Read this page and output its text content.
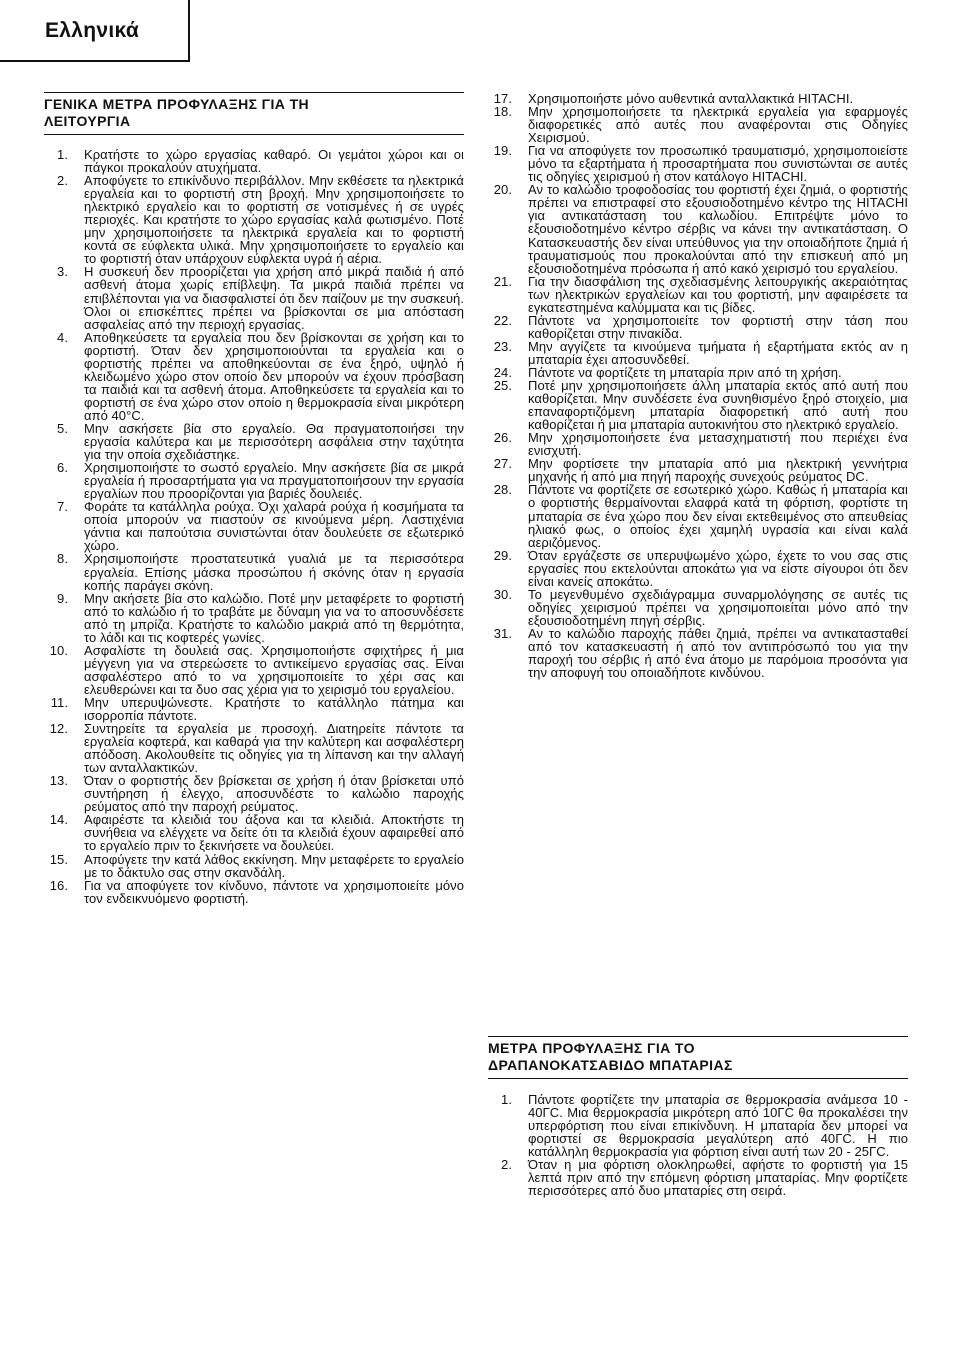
Ελληνικά
ΓΕΝΙΚΑ ΜΕΤΡΑ ΠΡΟΦΥΛΑΞΗΣ ΓΙΑ ΤΗ
ΛΕΙΤΟΥΡΓΙΑ
1. Κρατήστε το χώρο εργασίας καθαρό. Οι γεμάτοι χώροι και οι πάγκοι προκαλούν ατυχήματα.
2. Αποφύγετε το επικίνδυνο περιβάλλον. Μην εκθέσετε τα ηλεκτρικά εργαλεία και το φορτιστή στη βροχή. Μην χρησιμοποιήσετε το ηλεκτρικό εργαλείο και το φορτιστή σε νοτισμένες ή σε υγρές περιοχές. Και κρατήστε το χώρο εργασίας καλά φωτισμένο. Ποτέ μην χρησιμοποιήσετε τα ηλεκτρικά εργαλεία και το φορτιστή κοντά σε εύφλεκτα υλικά. Μην χρησιμοποιήσετε το εργαλείο και το φορτιστή όταν υπάρχουν εύφλεκτα υγρά ή αέρια.
3. Η συσκευή δεν προορίζεται για χρήση από μικρά παιδιά ή από ασθενή άτομα χωρίς επίβλεψη. Τα μικρά παιδιά πρέπει να επιβλέπονται για να διασφαλιστεί ότι δεν παίζουν με την συσκευή. Όλοι οι επισκέπτες πρέπει να βρίσκονται σε μια απόσταση ασφαλείας από την περιοχή εργασίας.
4. Αποθηκεύσετε τα εργαλεία που δεν βρίσκονται σε χρήση και το φορτιστή. Όταν δεν χρησιμοποιούνται τα εργαλεία και ο φορτιστής πρέπει να αποθηκεύονται σε ένα ξηρό, υψηλό ή κλειδωμένο χώρο στον οποίο δεν μπορούν να έχουν πρόσβαση τα παιδιά και τα ασθενή άτομα. Αποθηκεύσετε τα εργαλεία και το φορτιστή σε ένα χώρο στον οποίο η θερμοκρασία είναι μικρότερη από 40°C.
5. Μην ασκήσετε βία στο εργαλείο. Θα πραγματοποιήσει την εργασία καλύτερα και με περισσότερη ασφάλεια στην ταχύτητα για την οποία σχεδιάστηκε.
6. Χρησιμοποιήστε το σωστό εργαλείο. Μην ασκήσετε βία σε μικρά εργαλεία ή προσαρτήματα για να πραγματοποιήσουν την εργασία εργαλίων που προορίζονται για βαριές δουλειές.
7. Φοράτε τα κατάλληλα ρούχα. Όχι χαλαρά ρούχα ή κοσμήματα τα οποία μπορούν να πιαστούν σε κινούμενα μέρη. Λαστιχένια γάντια και παπούτσια συνιστώνται όταν δουλεύετε σε εξωτερικό χώρο.
8. Χρησιμοποιήστε προστατευτικά γυαλιά με τα περισσότερα εργαλεία. Επίσης μάσκα προσώπου ή σκόνης όταν η εργασία κοπής παράγει σκόνη.
9. Μην ακήσετε βία στο καλώδιο. Ποτέ μην μεταφέρετε το φορτιστή από το καλώδιο ή το τραβάτε με δύναμη για να το αποσυνδέσετε από τη μπρίζα. Κρατήστε το καλώδιο μακριά από τη θερμότητα, το λάδι και τις κοφτερές γωνίες.
10. Ασφαλίστε τη δουλειά σας. Χρησιμοποιήστε σφιχτήρες ή μια μέγγενη για να στερεώσετε το αντικείμενο εργασίας σας. Είναι ασφαλέστερο από το να χρησιμοποιείτε το χέρι σας και ελευθερώνει και τα δυο σας χέρια για το χειρισμό του εργαλείου.
11. Μην υπερυψώνεστε. Κρατήστε το κατάλληλο πάτημα και ισορροπία πάντοτε.
12. Συντηρείτε τα εργαλεία με προσοχή. Διατηρείτε πάντοτε τα εργαλεία κοφτερά, και καθαρά για την καλύτερη και ασφαλέστερη απόδοση. Ακολουθείτε τις οδηγίες για τη λίπανση και την αλλαγή των ανταλλακτικών.
13. Όταν ο φορτιστής δεν βρίσκεται σε χρήση ή όταν βρίσκεται υπό συντήρηση ή έλεγχο, αποσυνδέστε το καλώδιο παροχής ρεύματος από την παροχή ρεύματος.
14. Αφαιρέστε τα κλειδιά του άξονα και τα κλειδιά. Αποκτήστε τη συνήθεια να ελέγχετε να δείτε ότι τα κλειδιά έχουν αφαιρεθεί από το εργαλείο πριν το ξεκινήσετε να δουλεύει.
15. Αποφύγετε την κατά λάθος εκκίνηση. Μην μεταφέρετε το εργαλείο με το δάκτυλο σας στην σκανδάλη.
16. Για να αποφύγετε τον κίνδυνο, πάντοτε να χρησιμοποιείτε μόνο τον ενδεικνυόμενο φορτιστή.
17. Χρησιμοποιήστε μόνο αυθεντικά ανταλλακτικά HITACHI.
18. Μην χρησιμοποιήσετε τα ηλεκτρικά εργαλεία για εφαρμογές διαφορετικές από αυτές που αναφέρονται στις Οδηγίες Χειρισμού.
19. Για να αποφύγετε τον προσωπικό τραυματισμό, χρησιμοποιείστε μόνο τα εξαρτήματα ή προσαρτήματα που συνιστώνται σε αυτές τις οδηγίες χειρισμού ή στον κατάλογο HITACHI.
20. Αν το καλώδιο τροφοδοσίας του φορτιστή έχει ζημιά, ο φορτιστής πρέπει να επιστραφεί στο εξουσιοδοτημένο κέντρο της HITACHI για αντικατάσταση του καλωδίου. Επιτρέψτε μόνο το εξουσιοδοτημένο κέντρο σέρβις να κάνει την αντικατάσταση. Ο Κατασκευαστής δεν είναι υπεύθυνος για την οποιαδήποτε ζημιά ή τραυματισμούς που προκαλούνται από την επισκευή από μη εξουσιοδοτημένα πρόσωπα ή από κακό χειρισμό του εργαλείου.
21. Για την διασφάλιση της σχεδιασμένης λειτουργικής ακεραιότητας των ηλεκτρικών εργαλείων και του φορτιστή, μην αφαιρέσετε τα εγκατεστημένα καλύμματα και τις βίδες.
22. Πάντοτε να χρησιμοποιείτε τον φορτιστή στην τάση που καθορίζεται στην πινακίδα.
23. Μην αγγίζετε τα κινούμενα τμήματα ή εξαρτήματα εκτός αν η μπαταρία έχει αποσυνδεθεί.
24. Πάντοτε να φορτίζετε τη μπαταρία πριν από τη χρήση.
25. Ποτέ μην χρησιμοποιήσετε άλλη μπαταρία εκτός από αυτή που καθορίζεται. Μην συνδέσετε ένα συνηθισμένο ξηρό στοιχείο, μια επαναφορτιζόμενη μπαταρία διαφορετική από αυτή που καθορίζεται ή μια μπαταρία αυτοκινήτου στο ηλεκτρικό εργαλείο.
26. Μην χρησιμοποιήσετε ένα μετασχηματιστή που περιέχει ένα ενισχυτή.
27. Μην φορτίσετε την μπαταρία από μια ηλεκτρική γεννήτρια μηχανής ή από μια πηγή παροχής συνεχούς ρεύματος DC.
28. Πάντοτε να φορτίζετε σε εσωτερικό χώρο. Καθώς ή μπαταρία και ο φορτιστής θερμαίνονται ελαφρά κατά τη φόρτιση, φορτίστε τη μπαταρία σε ένα χώρο που δεν είναι εκτεθειμένος στο απευθείας ηλιακό φως, ο οποίος έχει χαμηλή υγρασία και είναι καλά αεριζόμενος.
29. Όταν εργάζεστε σε υπερυψωμένο χώρο, έχετε το νου σας στις εργασίες που εκτελούνται αποκάτω για να είστε σίγουροι ότι δεν είναι κανείς αποκάτω.
30. Το μεγενθυμένο σχεδιάγραμμα συναρμολόγησης σε αυτές τις οδηγίες χειρισμού πρέπει να χρησιμοποιείται μόνο από την εξουσιοδοτημένη πηγή σέρβις.
31. Αν το καλώδιο παροχής πάθει ζημιά, πρέπει να αντικατασταθεί από τον κατασκευαστή ή από τον αντιπρόσωπό του για την παροχή του σέρβις ή από ένα άτομο με παρόμοια προσόντα για την αποφυγή του οποιαδήποτε κινδύνου.
ΜΕΤΡΑ ΠΡΟΦΥΛΑΞΗΣ ΓΙΑ ΤΟ
ΔΡΑΠΑΝΟΚΑΤΣΑΒΙΔΟ ΜΠΑΤΑΡΙΑΣ
1. Πάντοτε φορτίζετε την μπαταρία σε θερμοκρασία ανάμεσα 10 - 40ΓC. Μια θερμοκρασία μικρότερη από 10ΓC θα προκαλέσει την υπερφόρτιση που είναι επικίνδυνη. Η μπαταρία δεν μπορεί να φορτιστεί σε θερμοκρασία μεγαλύτερη από 40ΓC. Η πιο κατάλληλη θερμοκρασία για φόρτιση είναι αυτή των 20 - 25ΓC.
2. Όταν η μια φόρτιση ολοκληρωθεί, αφήστε το φορτιστή για 15 λεπτά πριν από την επόμενη φόρτιση μπαταρίας. Μην φορτίζετε περισσότερες από δυο μπαταρίες στη σειρά.
